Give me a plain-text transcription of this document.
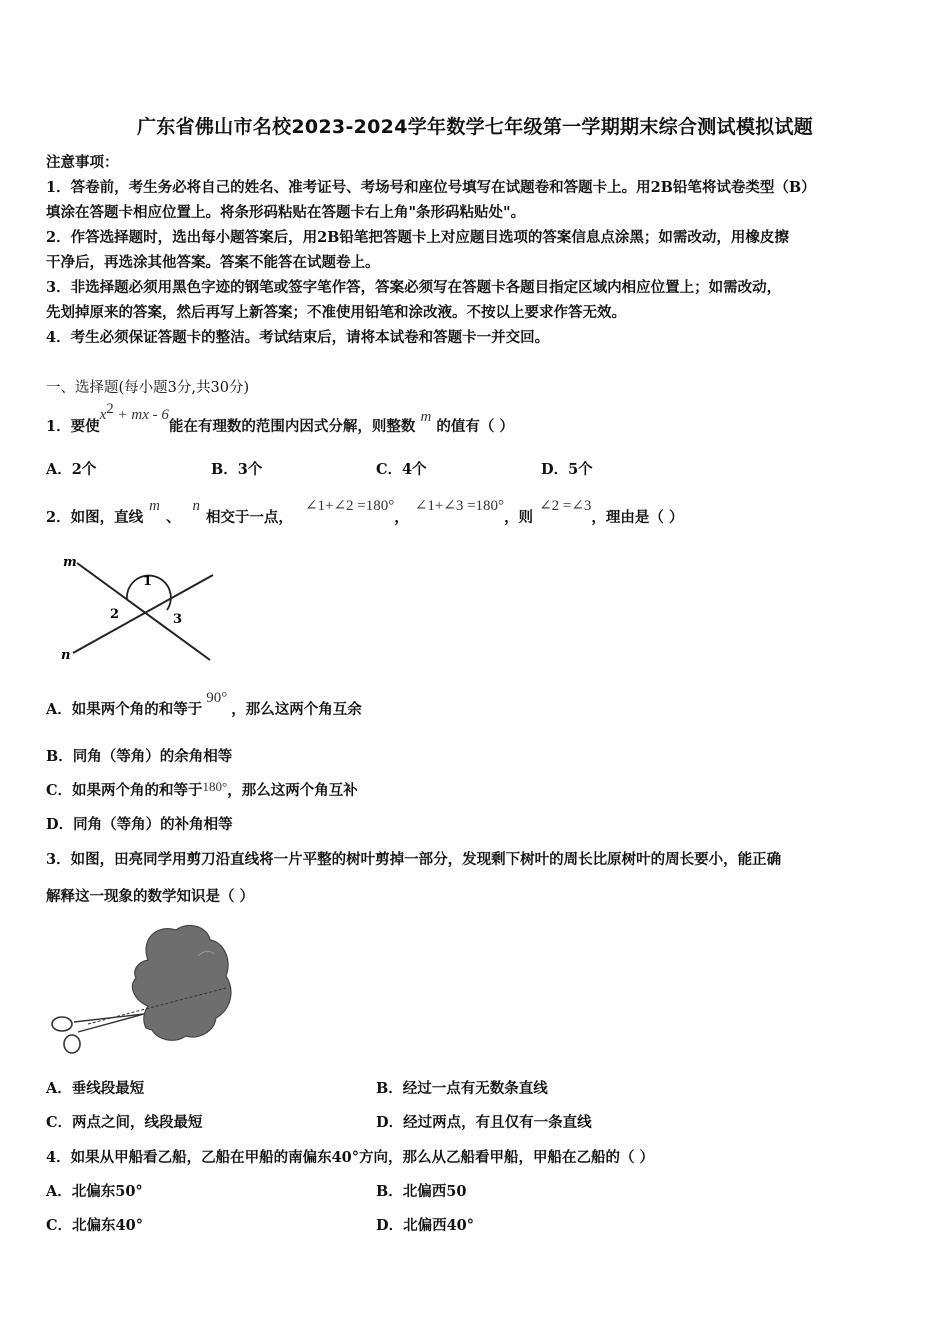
广东省佛山市名校2023-2024学年数学七年级第一学期期末综合测试模拟试题
注意事项：
1．答卷前，考生务必将自己的姓名、准考证号、考场号和座位号填写在试题卷和答题卡上。用2B铅笔将试卷类型（B）
填涂在答题卡相应位置上。将条形码粘贴在答题卡右上角"条形码粘贴处"。
2．作答选择题时，选出每小题答案后，用2B铅笔把答题卡上对应题目选项的答案信息点涂黑；如需改动，用橡皮擦
干净后，再选涂其他答案。答案不能答在试题卷上。
3．非选择题必须用黑色字迹的钢笔或签字笔作答，答案必须写在答题卡各题目指定区域内相应位置上；如需改动，
先划掉原来的答案，然后再写上新答案；不准使用铅笔和涂改液。不按以上要求作答无效。
4．考生必须保证答题卡的整洁。考试结束后，请将本试卷和答题卡一并交回。
一、选择题(每小题3分,共30分)
1．要使$x^2$ + mx - 6能在有理数的范围内因式分解，则整数 m 的值有（ ）
A．2个	B．3个	C．4个	D．5个
2．如图，直线m、n相交于一点，∠1+∠2 =180°，∠1+∠3 =180°，则∠2 =∠3，理由是（ ）
m
n
1
2	3
A．如果两个角的和等于90°，那么这两个角互余
B．同角（等角）的余角相等
C．如果两个角的和等于180°，那么这两个角互补
D．同角（等角）的补角相等
3．如图，田亮同学用剪刀沿直线将一片平整的树叶剪掉一部分，发现剩下树叶的周长比原树叶的周长要小，能正确
解释这一现象的数学知识是（ ）
A．垂线段最短	B．经过一点有无数条直线
C．两点之间，线段最短	D．经过两点，有且仅有一条直线
4．如果从甲船看乙船，乙船在甲船的南偏东40°方向，那么从乙船看甲船，甲船在乙船的（ ）
A．北偏东50°	B．北偏西50
C．北偏东40°	D．北偏西40°
